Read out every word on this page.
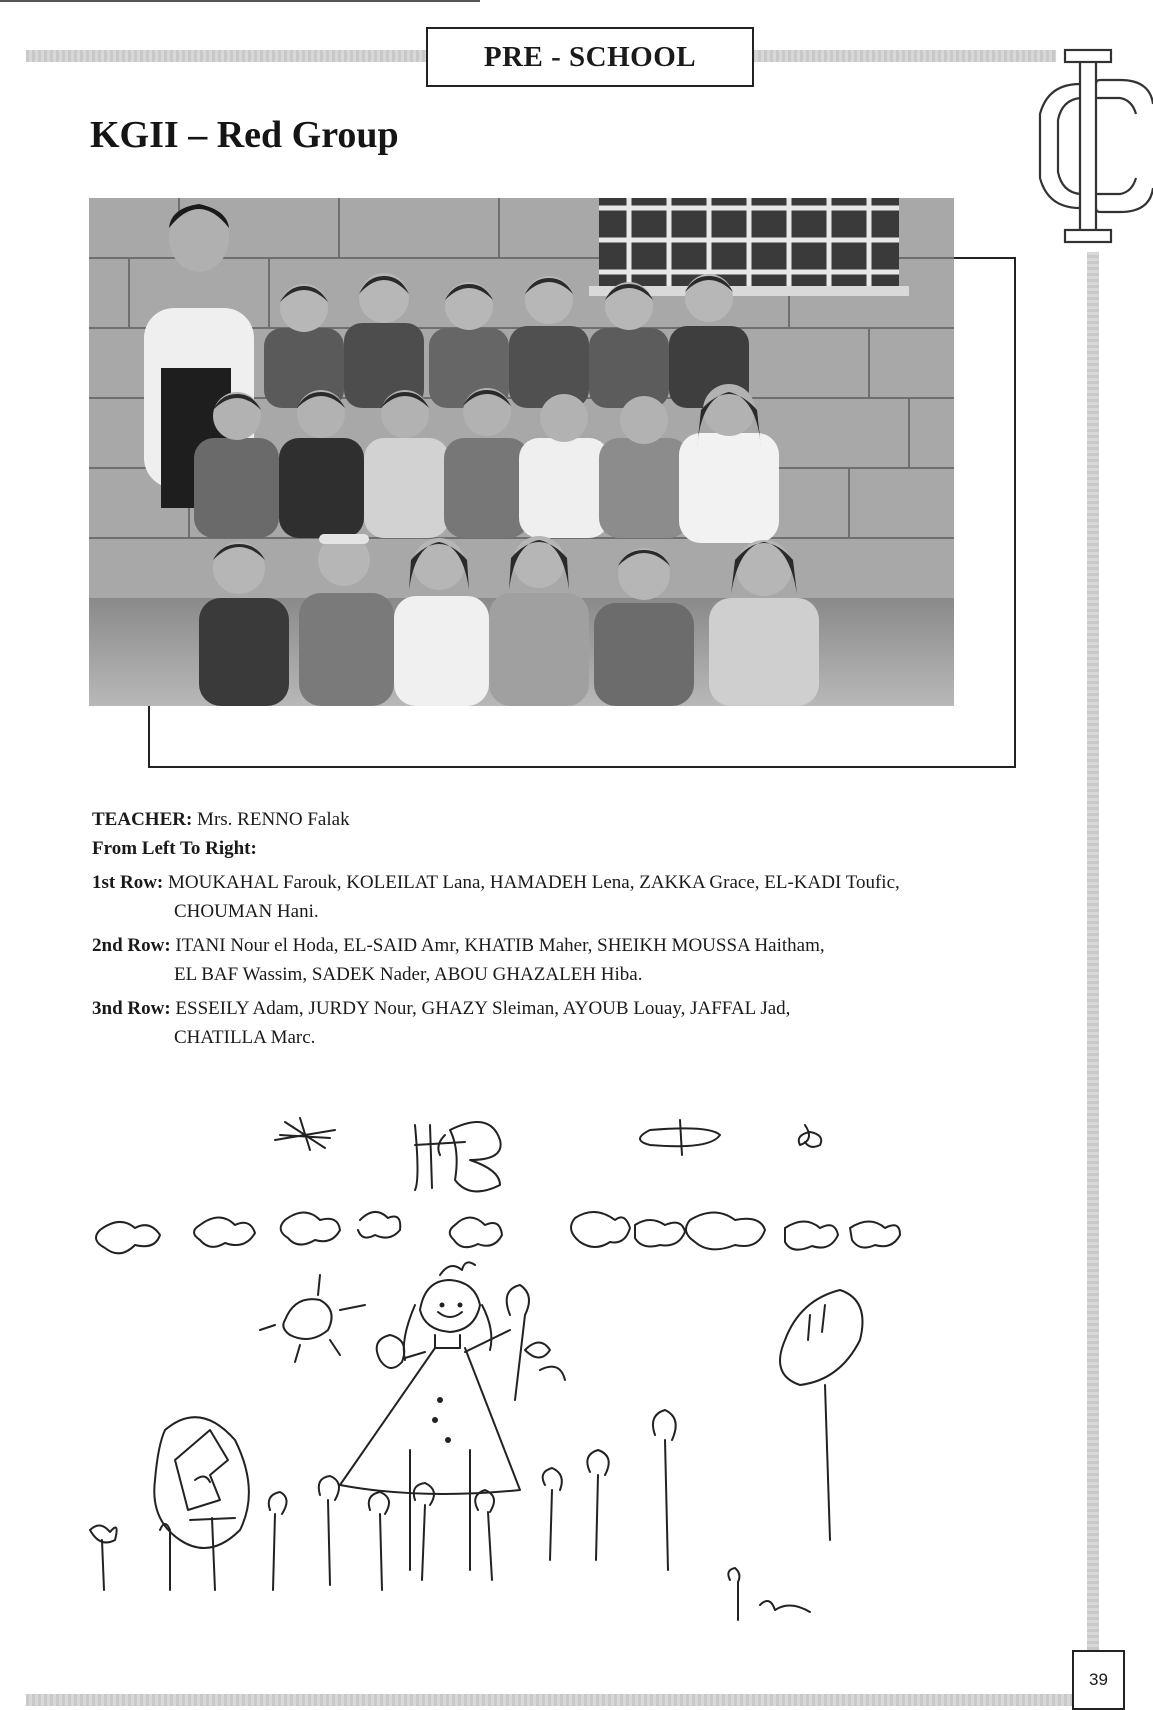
PRE - SCHOOL
KGII – Red Group
TEACHER: Mrs. RENNO Falak
From Left To Right:
1st Row: MOUKAHAL Farouk, KOLEILAT Lana, HAMADEH Lena, ZAKKA Grace, EL-KADI Toufic,
CHOUMAN Hani.
2nd Row: ITANI Nour el Hoda, EL-SAID Amr, KHATIB Maher, SHEIKH MOUSSA Haitham,
EL BAF Wassim, SADEK Nader, ABOU GHAZALEH Hiba.
3nd Row: ESSEILY Adam, JURDY Nour, GHAZY Sleiman, AYOUB Louay, JAFFAL Jad,
CHATILLA Marc.
39
